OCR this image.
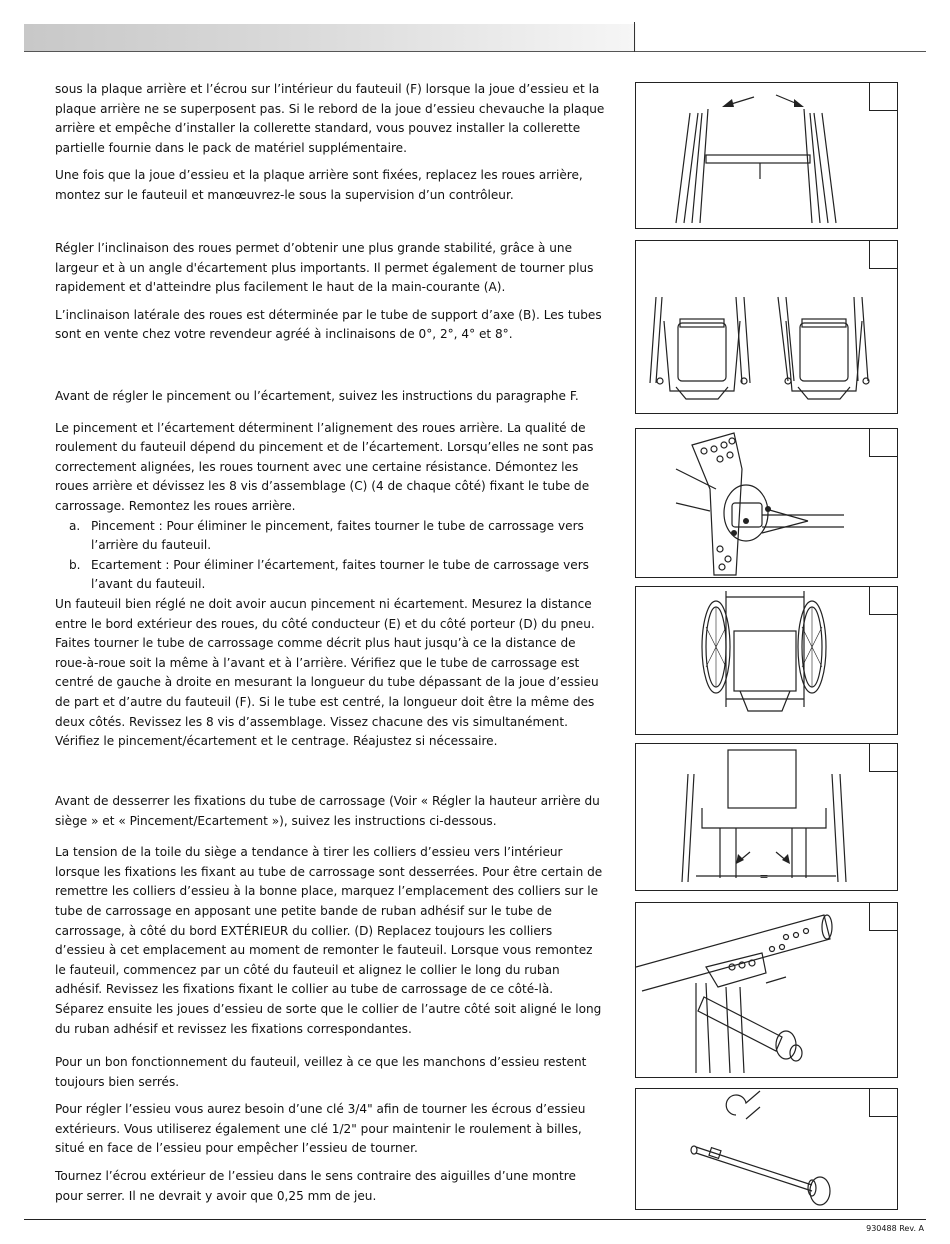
sous la plaque arrière et l’écrou sur l’intérieur du fauteuil (F) lorsque la joue d’essieu et la plaque arrière ne se superposent pas. Si le rebord de la joue d’essieu chevauche la plaque arrière et empêche d’installer la collerette standard, vous pouvez installer la collerette partielle fournie dans le pack de matériel supplémentaire.

Une fois que la joue d’essieu et la plaque arrière sont fixées, replacez les roues arrière, montez sur le fauteuil et manœuvrez-le sous la supervision d’un contrôleur.

Régler l’inclinaison des roues permet d’obtenir une plus grande stabilité, grâce à une largeur et à un angle d'écartement plus importants. Il permet également de tourner plus rapidement et d'atteindre plus facilement le haut de la main-courante (A).

L’inclinaison latérale des roues est déterminée par le tube de support d’axe (B). Les tubes sont en vente chez votre revendeur agréé à inclinaisons de 0°, 2°, 4° et 8°.

Avant de régler le pincement ou l’écartement, suivez les instructions du paragraphe F.

Le pincement et l’écartement déterminent l’alignement des roues arrière. La qualité de roulement du fauteuil dépend du pincement et de l’écartement. Lorsqu’elles ne sont pas correctement alignées, les roues tournent avec une certaine résistance. Démontez les roues arrière et dévissez les 8 vis d’assemblage (C) (4 de chaque côté) fixant le tube de carrossage. Remontez les roues arrière.

a. Pincement : Pour éliminer le pincement, faites tourner le tube de carrossage vers l’arrière du fauteuil.
b. Ecartement : Pour éliminer l’écartement, faites tourner le tube de carrossage vers l’avant du fauteuil.

Un fauteuil bien réglé ne doit avoir aucun pincement ni écartement. Mesurez la distance entre le bord extérieur des roues, du côté conducteur (E) et du côté porteur (D) du pneu. Faites tourner le tube de carrossage comme décrit plus haut jusqu’à ce la distance de roue-à-roue soit la même à l’avant et à l’arrière. Vérifiez que le tube de carrossage est centré de gauche à droite en mesurant la longueur du tube dépassant de la joue d’essieu de part et d’autre du fauteuil (F). Si le tube est centré, la longueur doit être la même des deux côtés. Revissez les 8 vis d’assemblage. Vissez chacune des vis simultanément. Vérifiez le pincement/écartement et le centrage. Réajustez si nécessaire.

Avant de desserrer les fixations du tube de carrossage (Voir « Régler la hauteur arrière du siège » et « Pincement/Ecartement »), suivez les instructions ci-dessous.

La tension de la toile du siège a tendance à tirer les colliers d’essieu vers l’intérieur lorsque les fixations les fixant au tube de carrossage sont desserrées. Pour être certain de remettre les colliers d’essieu à la bonne place, marquez l’emplacement des colliers sur le tube de carrossage en apposant une petite bande de ruban adhésif sur le tube de carrossage, à côté du bord EXTÉRIEUR du collier. (D) Replacez toujours les colliers d’essieu à cet emplacement au moment de remonter le fauteuil. Lorsque vous remontez le fauteuil, commencez par un côté du fauteuil et alignez le collier le long du ruban adhésif. Revissez les fixations fixant le collier au tube de carrossage de ce côté-là. Séparez ensuite les joues d’essieu de sorte que le collier de l’autre côté soit aligné le long du ruban adhésif et revissez les fixations correspondantes.

Pour un bon fonctionnement du fauteuil, veillez à ce que les manchons d’essieu restent toujours bien serrés.

Pour régler l’essieu vous aurez besoin d’une clé 3/4" afin de tourner les écrous d’essieu extérieurs. Vous utiliserez également une clé 1/2" pour maintenir le roulement à billes, situé en face de l’essieu pour empêcher l’essieu de tourner.

Tournez l’écrou extérieur de l’essieu dans le sens contraire des aiguilles d’une montre pour serrer. Il ne devrait y avoir que 0,25 mm de jeu.

=
930488 Rev. A
